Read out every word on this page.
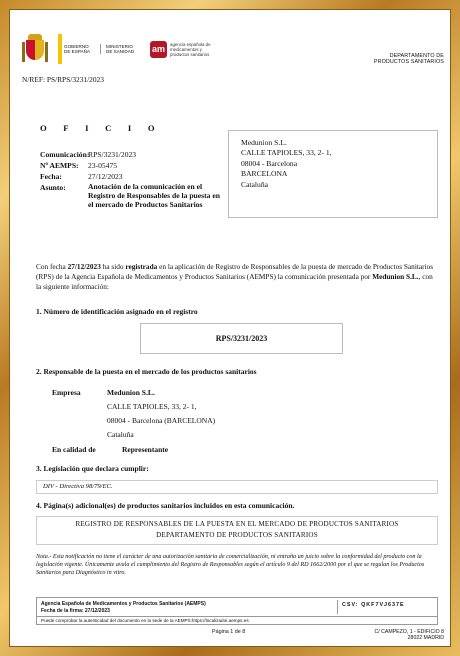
GOBIERNO
DE ESPAÑA
MINISTERIO
DE SANIDAD	am	agencia española de
medicamentos y
productos sanitarios	DEPARTAMENTO DE
PRODUCTOS SANITARIOS
N/REF: PS/RPS/3231/2023
OFICIO
Comunicación:
RPS/3231/2023
Nº AEMPS:	23-05475
Fecha:	27/12/2023
Asunto:	Anotación de la comunicación en el Registro de Responsables de la puesta en el mercado de Productos Sanitarios
Medunion S.L.
CALLE TAPIOLES, 33, 2- 1,
08004 - Barcelona
BARCELONA
Cataluña
Con fecha 27/12/2023 ha sido registrada en la aplicación de Registro de Responsables de la puesta de mercado de Productos Sanitarios (RPS) de la Agencia Española de Medicamentos y Productos Sanitarios (AEMPS) la comunicación presentada por Medunion S.L., con la siguiente información:
1. Número de identificación asignado en el registro
RPS/3231/2023
2. Responsable de la puesta en el mercado de los productos sanitarios
Empresa	Medunion S.L.
CALLE TAPIOLES, 33, 2- 1,
08004 - Barcelona (BARCELONA)
Cataluña
En calidad de	Representante
3. Legislación que declara cumplir:
DIV - Directiva 98/79/EC.
4. Página(s) adicional(es) de productos sanitarios incluidos en esta comunicación.
REGISTRO DE RESPONSABLES DE LA PUESTA EN EL MERCADO DE PRODUCTOS SANITARIOS
DEPARTAMENTO DE PRODUCTOS SANITARIOS
Nota.- Esta notificación no tiene el carácter de una autorización sanitaria de comercialización, ni entraña un juicio sobre la conformidad del producto con la legislación vigente. Únicamente avala el cumplimiento del Registro de Responsables según el artículo 9 del RD 1662/2000 por el que se regulan los Productos Sanitarios para Diagnóstico in vitro.
Agencia Española de Medicamentos y Productos Sanitarios (AEMPS)
Fecha de la firma: 27/12/2023
CSV: QKF7VJ637E
Puede comprobar la autenticidad del documento en la sede de la AEMPS:https://localizador.aemps.es
Página 1 de 8	C/ CAMPEZO, 1 - EDIFICIO 8
28022 MADRID
